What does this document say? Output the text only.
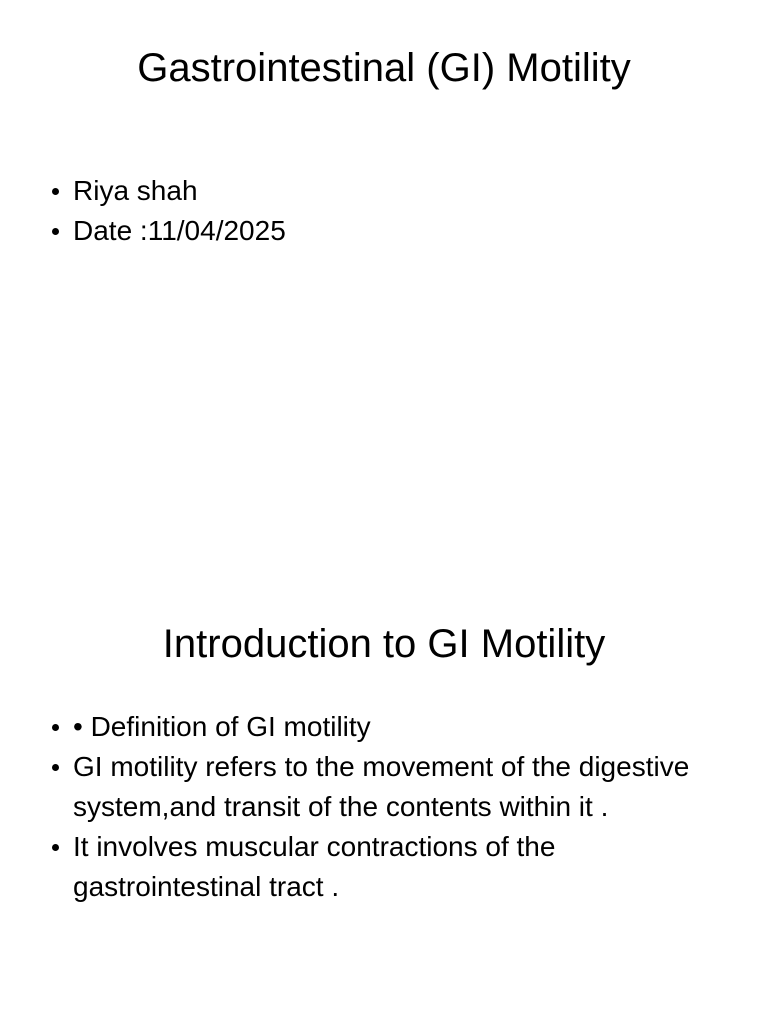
Gastrointestinal (GI) Motility
Riya shah
Date :11/04/2025
Introduction to GI Motility
• Definition of GI motility
GI motility refers to the movement of the digestive system,and transit of the contents within it .
It involves muscular contractions of the gastrointestinal tract .
